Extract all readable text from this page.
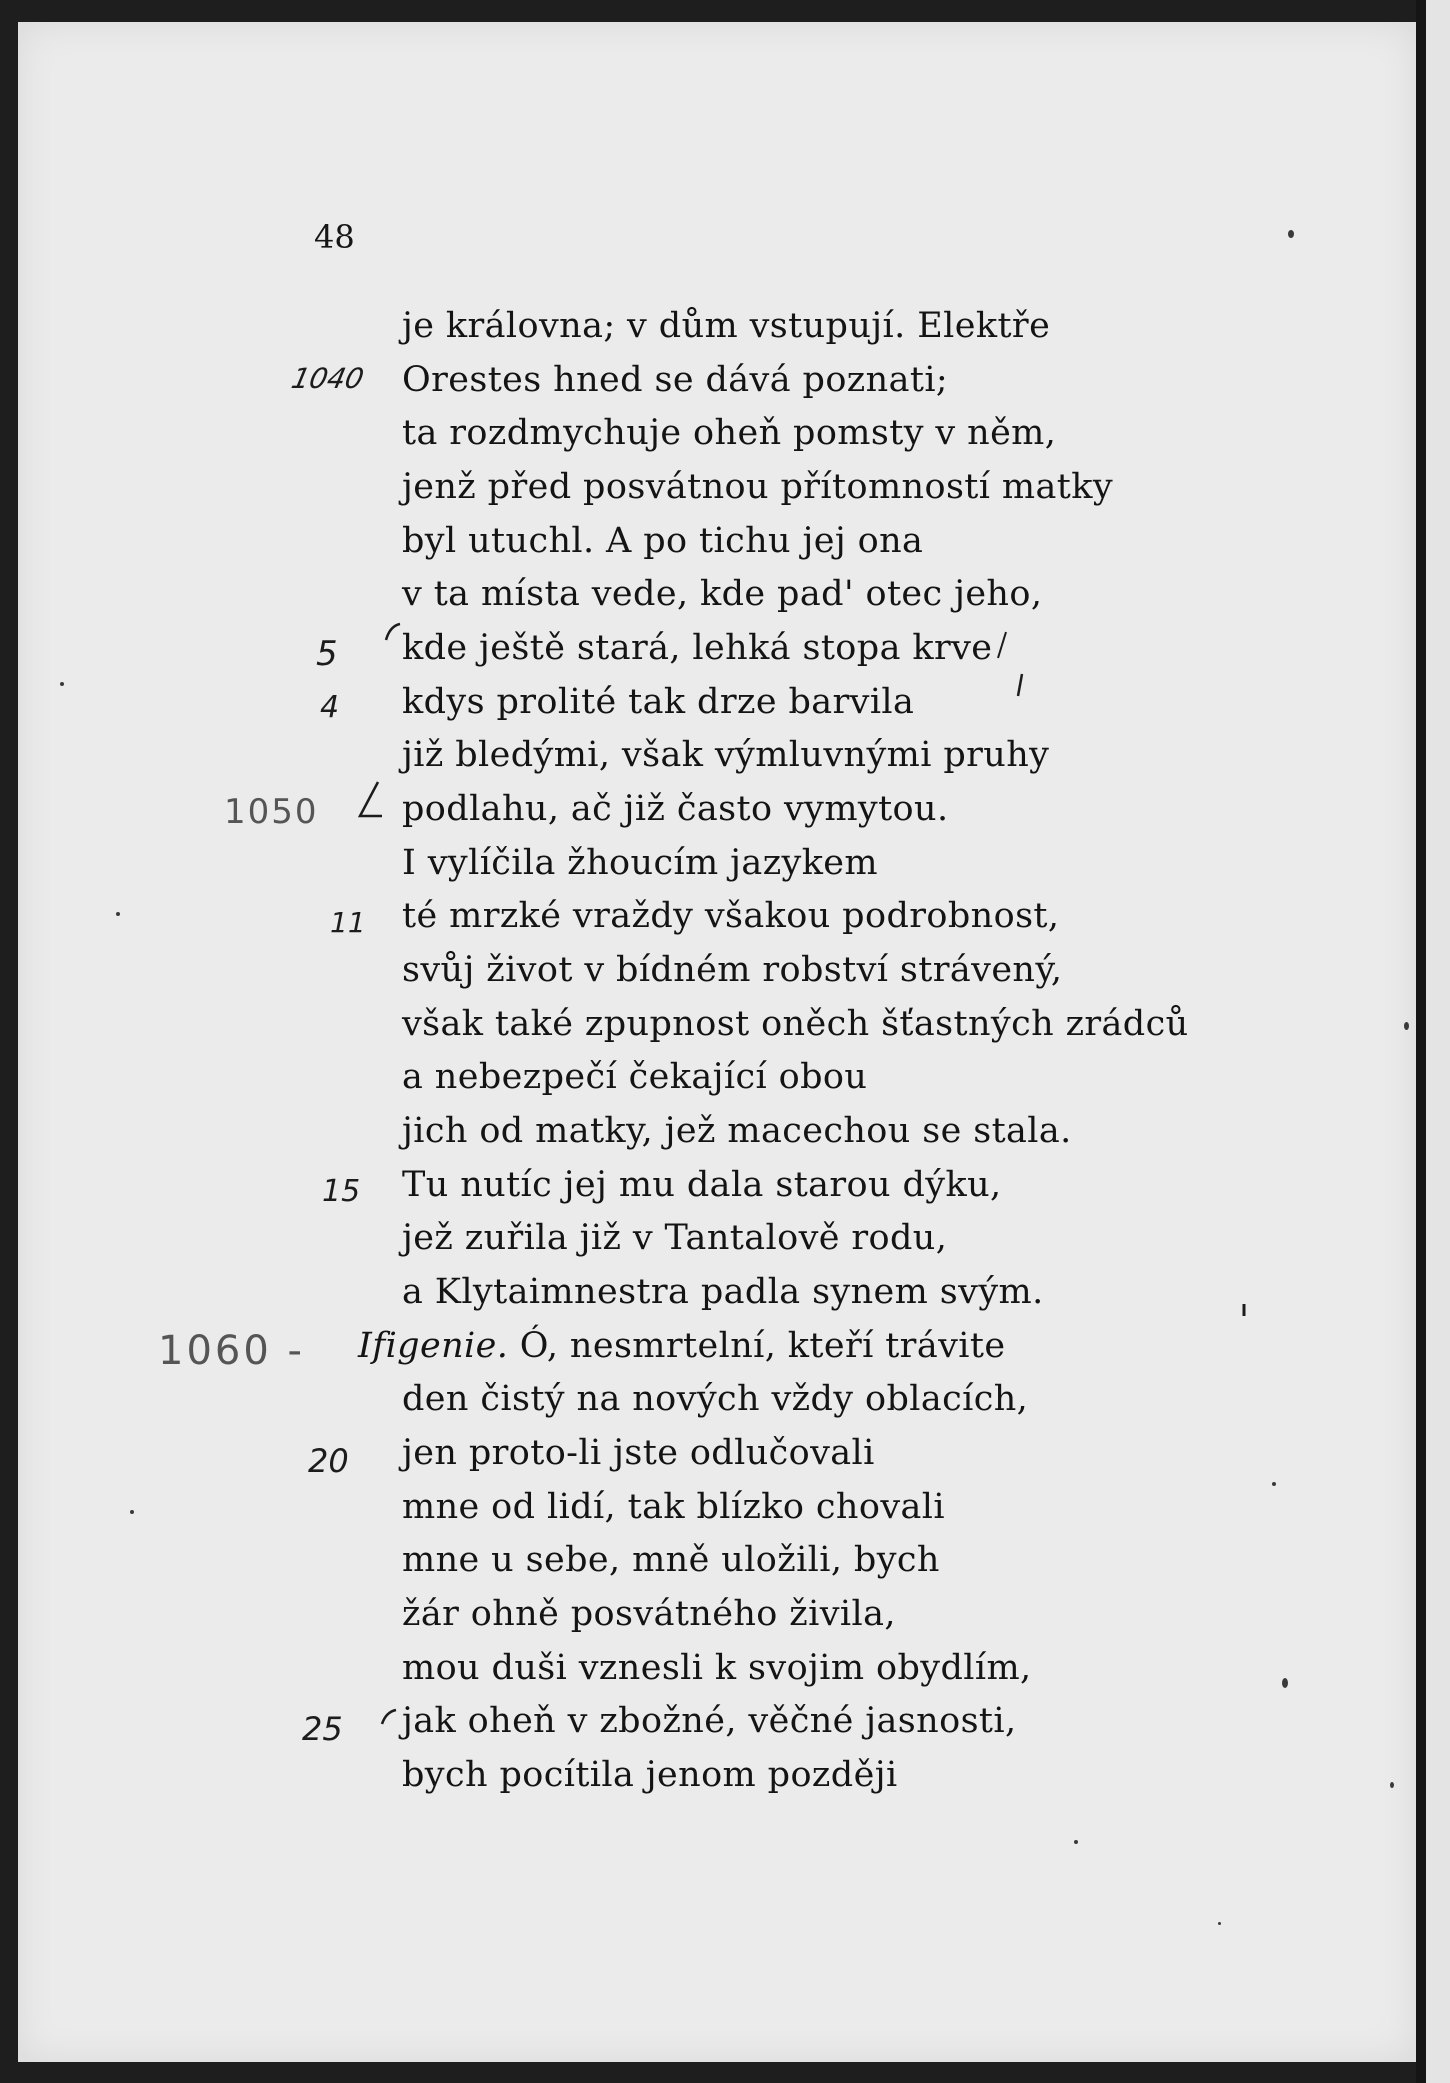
48
je královna; v dům vstupují. Elektře
Orestes hned se dává poznati;
ta rozdmychuje oheň pomsty v něm,
jenž před posvátnou přítomností matky
byl utuchl. A po tichu jej ona
v ta místa vede, kde pad' otec jeho,
kde ještě stará, lehká stopa krve
kdys prolité tak drze barvila
již bledými, však výmluvnými pruhy
podlahu, ač již často vymytou.
I vylíčila žhoucím jazykem
té mrzké vraždy všakou podrobnost,
svůj život v bídném robství strávený,
však také zpupnost oněch šťastných zrádců
a nebezpečí čekající obou
jich od matky, jež macechou se stala.
Tu nutíc jej mu dala starou dýku,
jež zuřila již v Tantalově rodu,
a Klytaimnestra padla synem svým.
Ifigenie. Ó, nesmrtelní, kteří trávite
den čistý na nových vždy oblacích,
jen proto-li jste odlučovali
mne od lidí, tak blízko chovali
mne u sebe, mně uložili, bych
žár ohně posvátného živila,
mou duši vznesli k svojim obydlím,
jak oheň v zbožné, věčné jasnosti,
bych pocítila jenom později
1040
5
4
1050
11
15
1060 -
20
25
